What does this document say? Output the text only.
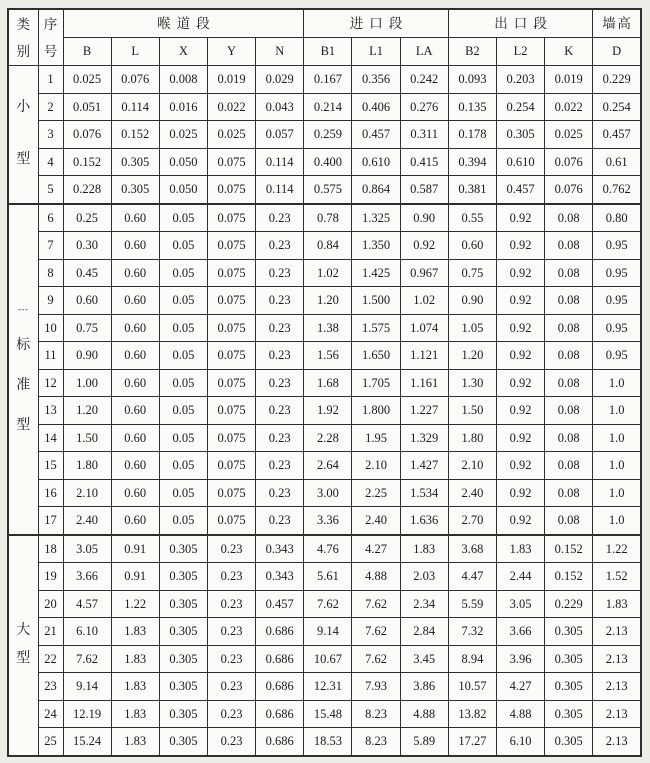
类
别	序
号	喉道段					进口段			出口段			墙高
		B	L	X	Y	N	B1	L1	LA	B2	L2	K	D

小
型	1	0.025	0.076	0.008	0.019	0.029	0.167	0.356	0.242	0.093	0.203	0.019	0.229
	2	0.051	0.114	0.016	0.022	0.043	0.214	0.406	0.276	0.135	0.254	0.022	0.254
	3	0.076	0.152	0.025	0.025	0.057	0.259	0.457	0.311	0.178	0.305	0.025	0.457
	4	0.152	0.305	0.050	0.075	0.114	0.400	0.610	0.415	0.394	0.610	0.076	0.61
	5	0.228	0.305	0.050	0.075	0.114	0.575	0.864	0.587	0.381	0.457	0.076	0.762

---
标
准
型	6	0.25	0.60	0.05	0.075	0.23	0.78	1.325	0.90	0.55	0.92	0.08	0.80
	7	0.30	0.60	0.05	0.075	0.23	0.84	1.350	0.92	0.60	0.92	0.08	0.95
	8	0.45	0.60	0.05	0.075	0.23	1.02	1.425	0.967	0.75	0.92	0.08	0.95
	9	0.60	0.60	0.05	0.075	0.23	1.20	1.500	1.02	0.90	0.92	0.08	0.95
	10	0.75	0.60	0.05	0.075	0.23	1.38	1.575	1.074	1.05	0.92	0.08	0.95
	11	0.90	0.60	0.05	0.075	0.23	1.56	1.650	1.121	1.20	0.92	0.08	0.95
	12	1.00	0.60	0.05	0.075	0.23	1.68	1.705	1.161	1.30	0.92	0.08	1.0
	13	1.20	0.60	0.05	0.075	0.23	1.92	1.800	1.227	1.50	0.92	0.08	1.0
	14	1.50	0.60	0.05	0.075	0.23	2.28	1.95	1.329	1.80	0.92	0.08	1.0
	15	1.80	0.60	0.05	0.075	0.23	2.64	2.10	1.427	2.10	0.92	0.08	1.0
	16	2.10	0.60	0.05	0.075	0.23	3.00	2.25	1.534	2.40	0.92	0.08	1.0
	17	2.40	0.60	0.05	0.075	0.23	3.36	2.40	1.636	2.70	0.92	0.08	1.0

大
型	18	3.05	0.91	0.305	0.23	0.343	4.76	4.27	1.83	3.68	1.83	0.152	1.22
	19	3.66	0.91	0.305	0.23	0.343	5.61	4.88	2.03	4.47	2.44	0.152	1.52
	20	4.57	1.22	0.305	0.23	0.457	7.62	7.62	2.34	5.59	3.05	0.229	1.83
	21	6.10	1.83	0.305	0.23	0.686	9.14	7.62	2.84	7.32	3.66	0.305	2.13
	22	7.62	1.83	0.305	0.23	0.686	10.67	7.62	3.45	8.94	3.96	0.305	2.13
	23	9.14	1.83	0.305	0.23	0.686	12.31	7.93	3.86	10.57	4.27	0.305	2.13
	24	12.19	1.83	0.305	0.23	0.686	15.48	8.23	4.88	13.82	4.88	0.305	2.13
	25	15.24	1.83	0.305	0.23	0.686	18.53	8.23	5.89	17.27	6.10	0.305	2.13
